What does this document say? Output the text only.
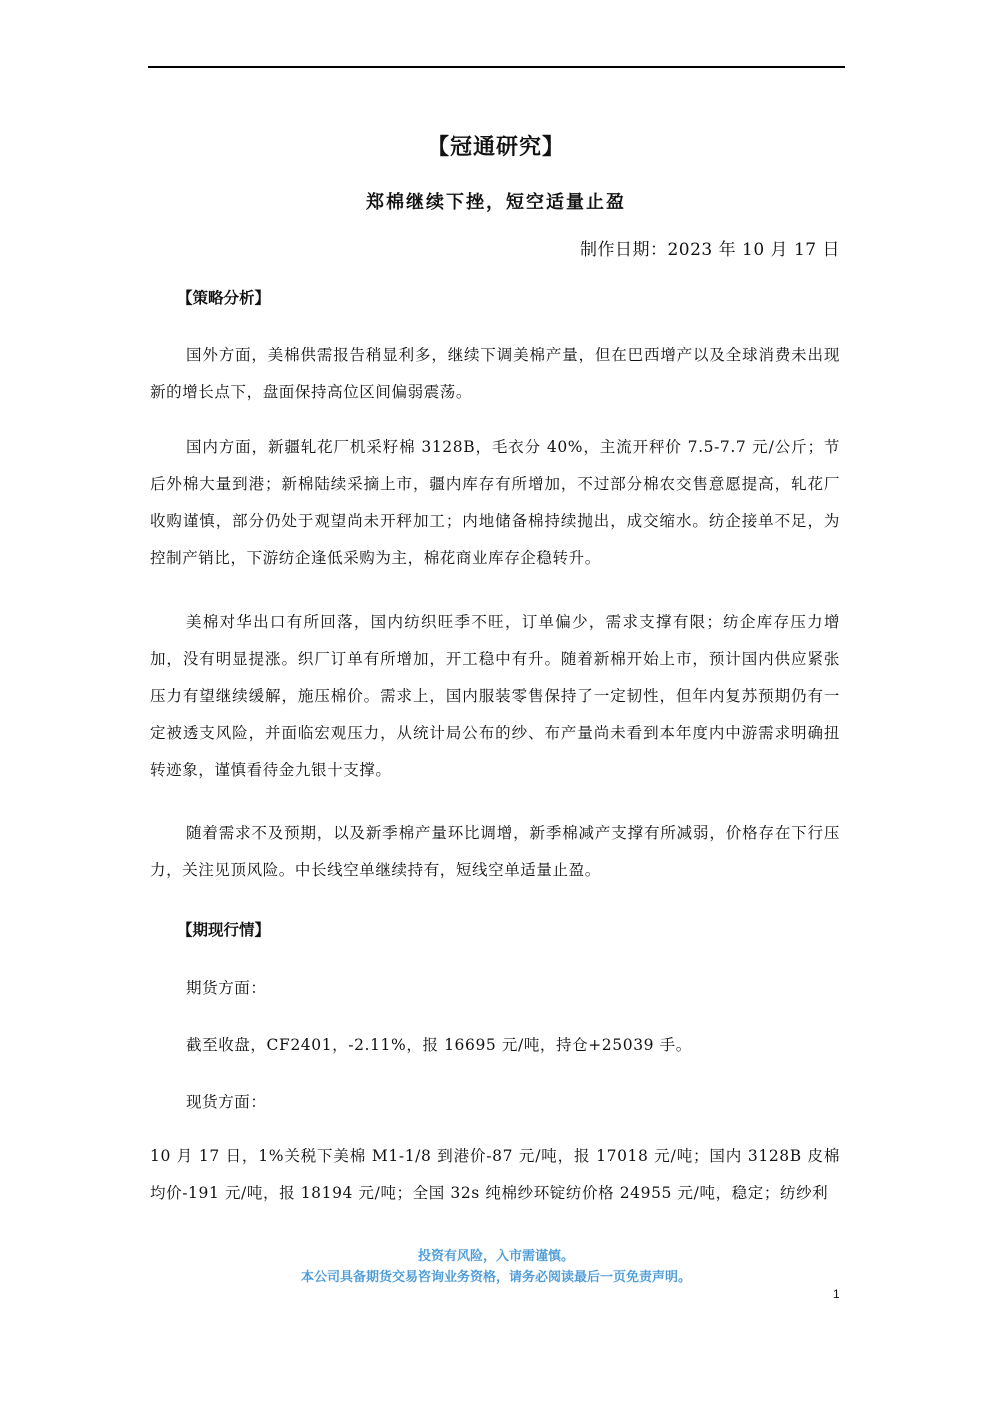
【冠通研究】
郑棉继续下挫，短空适量止盈
制作日期：2023 年 10 月 17 日
【策略分析】
国外方面，美棉供需报告稍显利多，继续下调美棉产量，但在巴西增产以及全球消费未出现新的增长点下，盘面保持高位区间偏弱震荡。
国内方面，新疆轧花厂机采籽棉 3128B，毛衣分 40%，主流开秤价 7.5-7.7 元/公斤；节后外棉大量到港；新棉陆续采摘上市，疆内库存有所增加，不过部分棉农交售意愿提高，轧花厂收购谨慎，部分仍处于观望尚未开秤加工；内地储备棉持续抛出，成交缩水。纺企接单不足，为控制产销比，下游纺企逢低采购为主，棉花商业库存企稳转升。
美棉对华出口有所回落，国内纺织旺季不旺，订单偏少，需求支撑有限；纺企库存压力增加，没有明显提涨。织厂订单有所增加，开工稳中有升。随着新棉开始上市，预计国内供应紧张压力有望继续缓解，施压棉价。需求上，国内服装零售保持了一定韧性，但年内复苏预期仍有一定被透支风险，并面临宏观压力，从统计局公布的纱、布产量尚未看到本年度内中游需求明确扭转迹象，谨慎看待金九银十支撑。
随着需求不及预期，以及新季棉产量环比调增，新季棉减产支撑有所减弱，价格存在下行压力，关注见顶风险。中长线空单继续持有，短线空单适量止盈。
【期现行情】
期货方面：
截至收盘，CF2401，-2.11%，报 16695 元/吨，持仓+25039 手。
现货方面：
10 月 17 日，1%关税下美棉 M1-1/8 到港价-87 元/吨，报 17018 元/吨；国内 3128B 皮棉均价-191 元/吨，报 18194 元/吨；全国 32s 纯棉纱环锭纺价格 24955 元/吨，稳定；纺纱利
投资有风险，入市需谨慎。
本公司具备期货交易咨询业务资格，请务必阅读最后一页免责声明。
1
